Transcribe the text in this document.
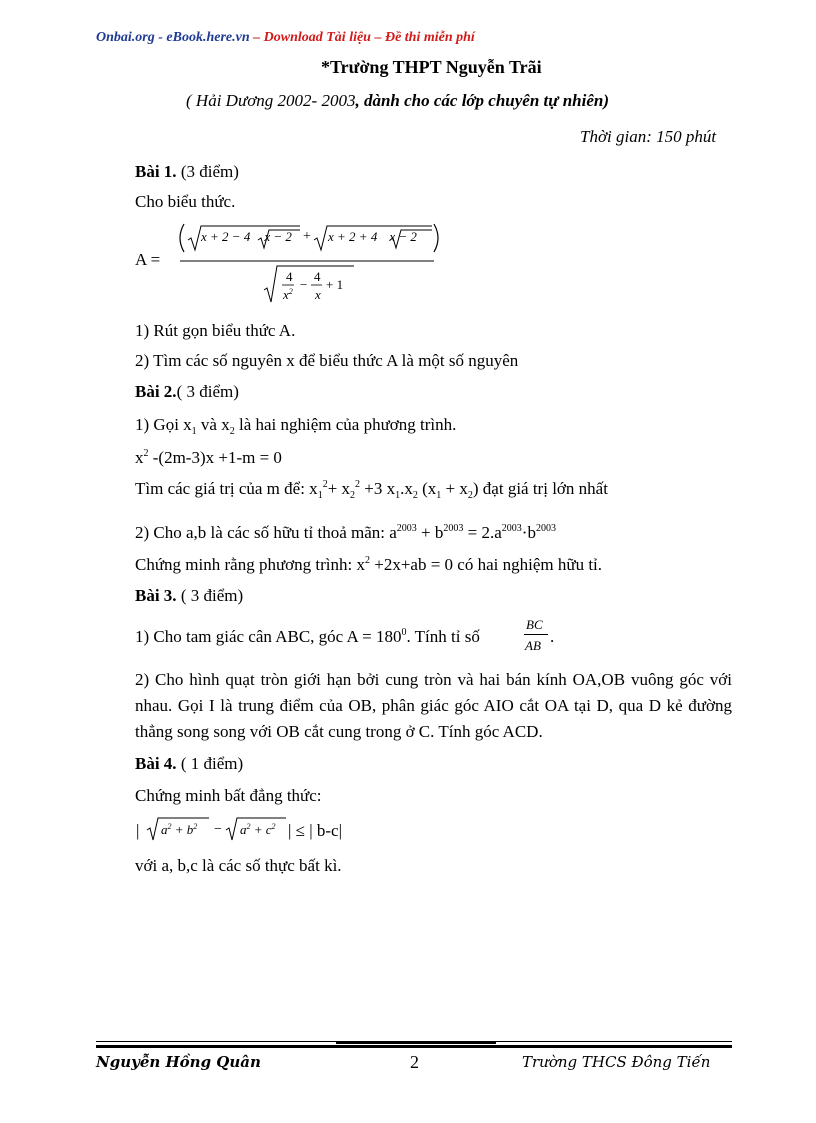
Onbai.org - eBook.here.vn – Download Tài liệu – Đề thi miễn phí
*Trường THPT Nguyễn Trãi
( Hải Dương 2002- 2003, dành cho các lớp chuyên tự nhiên)
Thời gian: 150 phút
Bài 1. (3 điểm)
Cho biểu thức.
A =
x + 2 − 4 x − 2 + x + 2 + 4 x − 2
4
$x^2$ −
4
x
+ 1
1) Rút gọn biểu thức A.
2) Tìm các số nguyên x để biểu thức A là một số nguyên
Bài 2.( 3 điểm)
1) Gọi $x_1$ và $x_2$ là hai nghiệm của phương trình.
$x^2$ -(2m-3)x +1-m = 0
Tìm các giá trị của m để: $x_1^2+ x_2^2 +3$ $x_1.x_2$ $(x_1 + x_2)$ đạt giá trị lớn nhất
2) Cho a,b là các số hữu tỉ thoả mãn: $a^{2003} + b^{2003} = 2.a^{2003}\cdot b^{2003}$
Chứng minh rằng phương trình: $x^2 +2x+ab = 0$ có hai nghiệm hữu tỉ.
Bài 3. ( 3 điểm)
1) Cho tam giác cân ABC, góc $A = 180^0$. Tính tỉ số
BC
AB .
2) Cho hình quạt tròn giới hạn bởi cung tròn và hai bán kính OA,OB vuông góc với nhau. Gọi I là trung điểm của OB, phân giác góc AIO cắt OA tại D, qua D kẻ đường thẳng song song với OB cắt cung trong ở C. Tính góc ACD.
Bài 4. ( 1 điểm)
Chứng minh bất đẳng thức:
| $a^2 + b^2 - a^2 + c^2$ | ≤ | b-c|
với a, b,c là các số thực bất kì.
Nguyễn Hồng Quân	2	Trường THCS Đông Tiến
